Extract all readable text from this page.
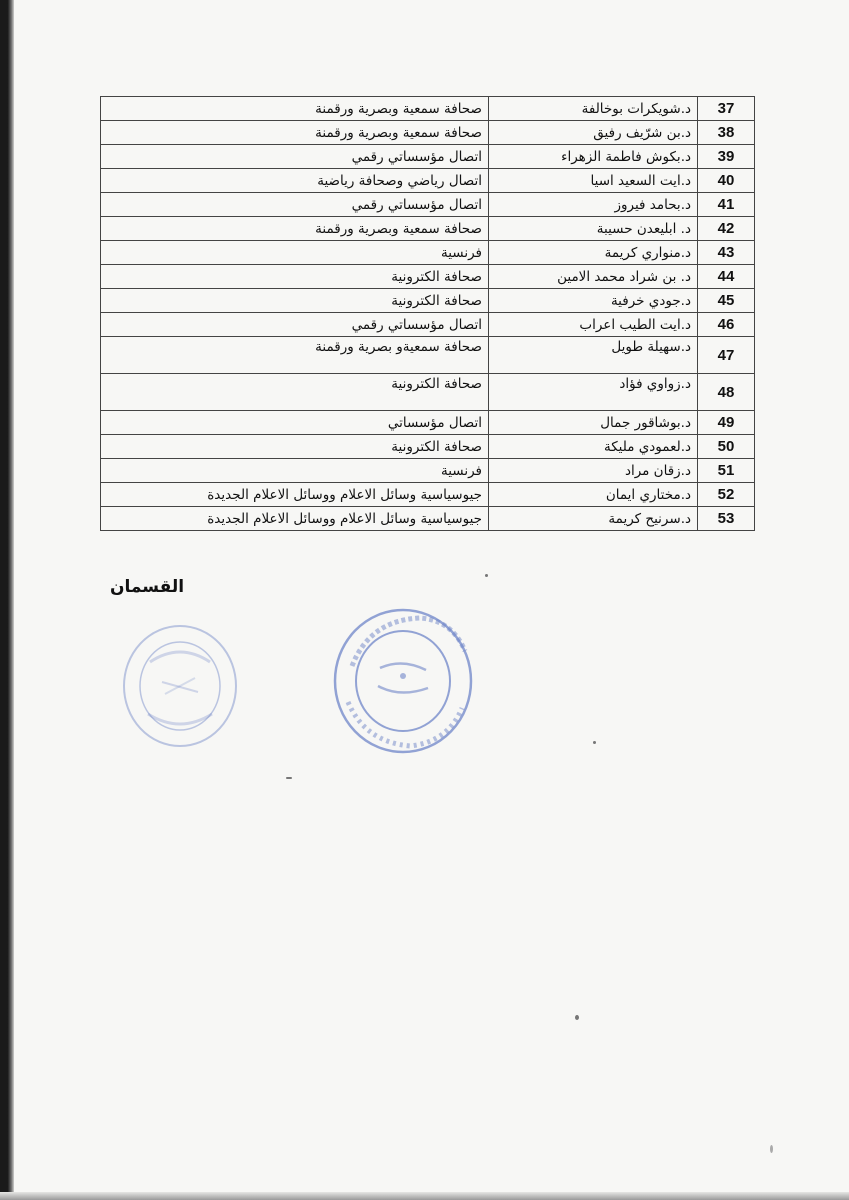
37	د.شويكرات بوخالفة	صحافة سمعية وبصرية ورقمنة
38	د.بن شرّيف رفيق	صحافة سمعية وبصرية ورقمنة
39	د.بكوش فاطمة الزهراء	اتصال مؤسساتي رقمي
40	د.ايت السعيد اسيا	اتصال رياضي وصحافة رياضية
41	د.بحامد فيروز	اتصال مؤسساتي رقمي
42	د. ابليعدن حسيبة	صحافة سمعية وبصرية ورقمنة
43	د.منواري كريمة	فرنسية
44	د. بن شراد محمد الامين	صحافة الكترونية
45	د.جودي خرفية	صحافة الكترونية
46	د.ايت الطيب اعراب	اتصال مؤسساتي رقمي
47	د.سهيلة طويل	صحافة سمعيةو بصرية ورقمنة
48	د.زواوي فؤاد	صحافة الكترونية
49	د.بوشاقور جمال	اتصال مؤسساتي
50	د.لعمودي مليكة	صحافة الكترونية
51	د.زقان مراد	فرنسية
52	د.مختاري ايمان	جيوسياسية وسائل الاعلام ووسائل الاعلام الجديدة
53	د.سرنيح كريمة	جيوسياسية وسائل الاعلام ووسائل الاعلام الجديدة
القسمان
